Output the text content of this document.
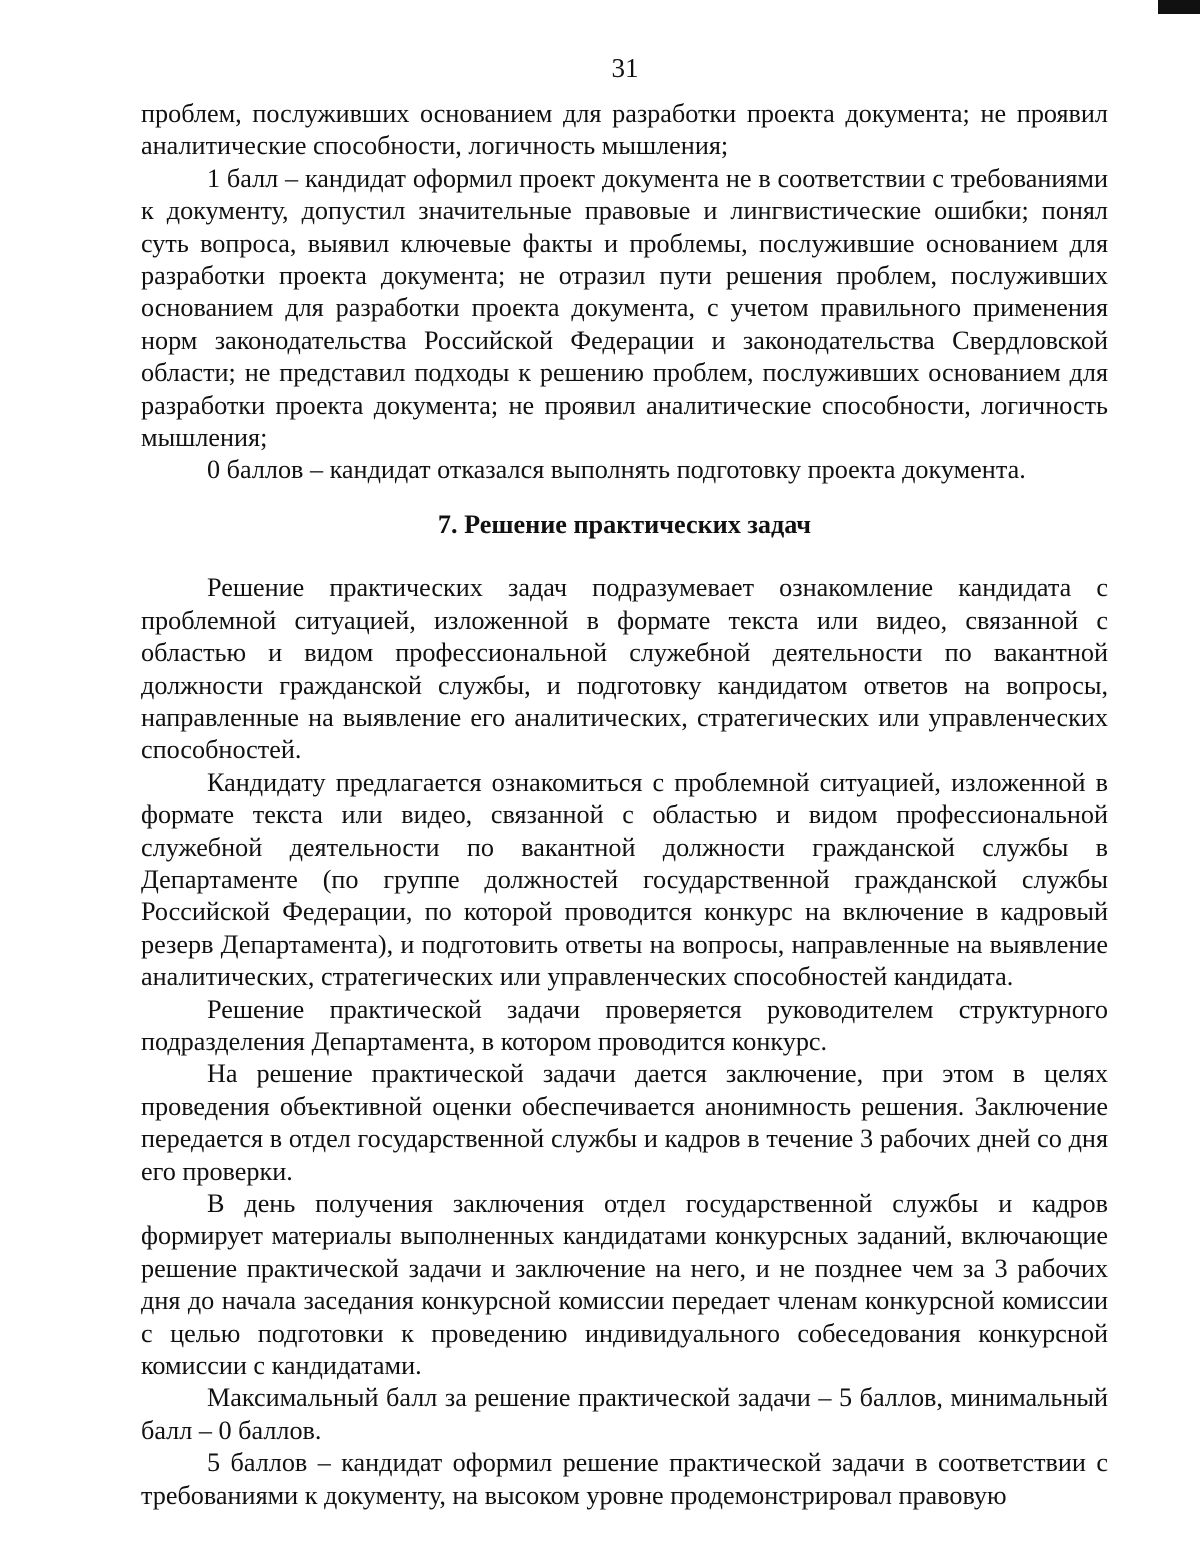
31

проблем, послуживших основанием для разработки проекта документа; не проявил аналитические способности, логичность мышления;

1 балл – кандидат оформил проект документа не в соответствии с требованиями к документу, допустил значительные правовые и лингвистические ошибки; понял суть вопроса, выявил ключевые факты и проблемы, послужившие основанием для разработки проекта документа; не отразил пути решения проблем, послуживших основанием для разработки проекта документа, с учетом правильного применения норм законодательства Российской Федерации и законодательства Свердловской области; не представил подходы к решению проблем, послуживших основанием для разработки проекта документа; не проявил аналитические способности, логичность мышления;

0 баллов – кандидат отказался выполнять подготовку проекта документа.

7. Решение практических задач

Решение практических задач подразумевает ознакомление кандидата с проблемной ситуацией, изложенной в формате текста или видео, связанной с областью и видом профессиональной служебной деятельности по вакантной должности гражданской службы, и подготовку кандидатом ответов на вопросы, направленные на выявление его аналитических, стратегических или управленческих способностей.

Кандидату предлагается ознакомиться с проблемной ситуацией, изложенной в формате текста или видео, связанной с областью и видом профессиональной служебной деятельности по вакантной должности гражданской службы в Департаменте (по группе должностей государственной гражданской службы Российской Федерации, по которой проводится конкурс на включение в кадровый резерв Департамента), и подготовить ответы на вопросы, направленные на выявление аналитических, стратегических или управленческих способностей кандидата.

Решение практической задачи проверяется руководителем структурного подразделения Департамента, в котором проводится конкурс.

На решение практической задачи дается заключение, при этом в целях проведения объективной оценки обеспечивается анонимность решения. Заключение передается в отдел государственной службы и кадров в течение 3 рабочих дней со дня его проверки.

В день получения заключения отдел государственной службы и кадров формирует материалы выполненных кандидатами конкурсных заданий, включающие решение практической задачи и заключение на него, и не позднее чем за 3 рабочих дня до начала заседания конкурсной комиссии передает членам конкурсной комиссии с целью подготовки к проведению индивидуального собеседования конкурсной комиссии с кандидатами.

Максимальный балл за решение практической задачи – 5 баллов, минимальный балл – 0 баллов.

5 баллов – кандидат оформил решение практической задачи в соответствии с требованиями к документу, на высоком уровне продемонстрировал правовую
